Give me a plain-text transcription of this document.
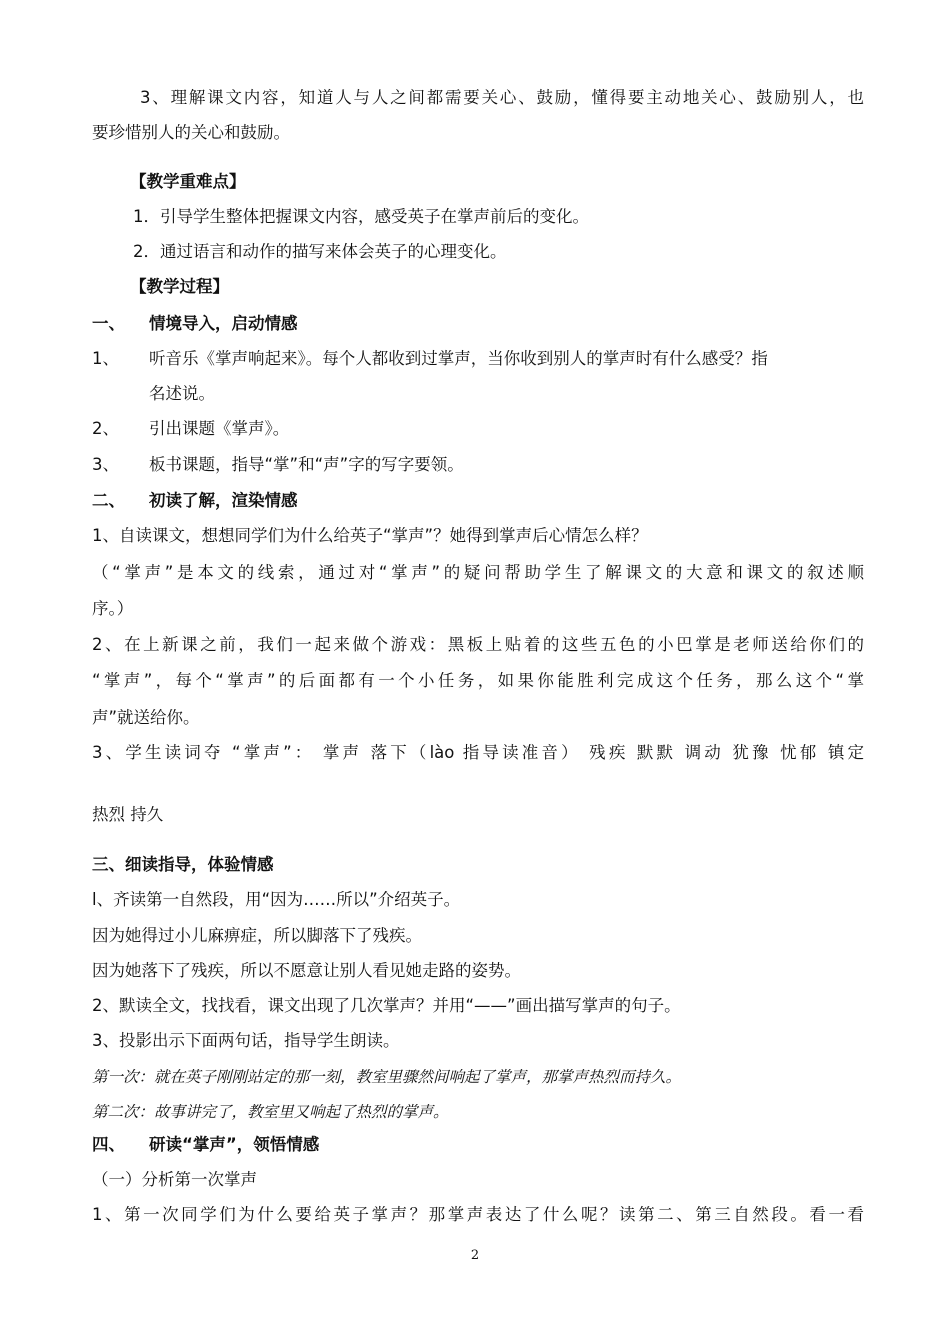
3、理解课文内容，知道人与人之间都需要关心、鼓励，懂得要主动地关心、鼓励别人，也
要珍惜别人的关心和鼓励。
【教学重难点】
1．引导学生整体把握课文内容，感受英子在掌声前后的变化。
2．通过语言和动作的描写来体会英子的心理变化。
【教学过程】
一、 情境导入，启动情感
1、 听音乐《掌声响起来》。每个人都收到过掌声，当你收到别人的掌声时有什么感受？指
名述说。
2、 引出课题《掌声》。
3、 板书课题，指导“掌”和“声”字的写字要领。
二、 初读了解，渲染情感
1、自读课文，想想同学们为什么给英子“掌声”？她得到掌声后心情怎么样？
（“掌声”是本文的线索，通过对“掌声”的疑问帮助学生了解课文的大意和课文的叙述顺
序。）
2、在上新课之前，我们一起来做个游戏：黑板上贴着的这些五色的小巴掌是老师送给你们的
“掌声”，每个“掌声”的后面都有一个小任务，如果你能胜利完成这个任务，那么这个“掌
声”就送给你。
3、学生读词夺 “掌声”： 掌声 落下（lào 指导读准音） 残疾 默默 调动 犹豫 忧郁 镇定
热烈 持久
三、细读指导，体验情感
l、齐读第一自然段，用“因为……所以”介绍英子。
因为她得过小儿麻痹症，所以脚落下了残疾。
因为她落下了残疾，所以不愿意让别人看见她走路的姿势。
2、默读全文，找找看，课文出现了几次掌声？并用“——”画出描写掌声的句子。
3、投影出示下面两句话，指导学生朗读。
第一次：就在英子刚刚站定的那一刻，教室里骤然间响起了掌声，那掌声热烈而持久。
第二次：故事讲完了，教室里又响起了热烈的掌声。
四、 研读“掌声”，领悟情感
（一）分析第一次掌声
1、第一次同学们为什么要给英子掌声？那掌声表达了什么呢？读第二、第三自然段。看一看
2
